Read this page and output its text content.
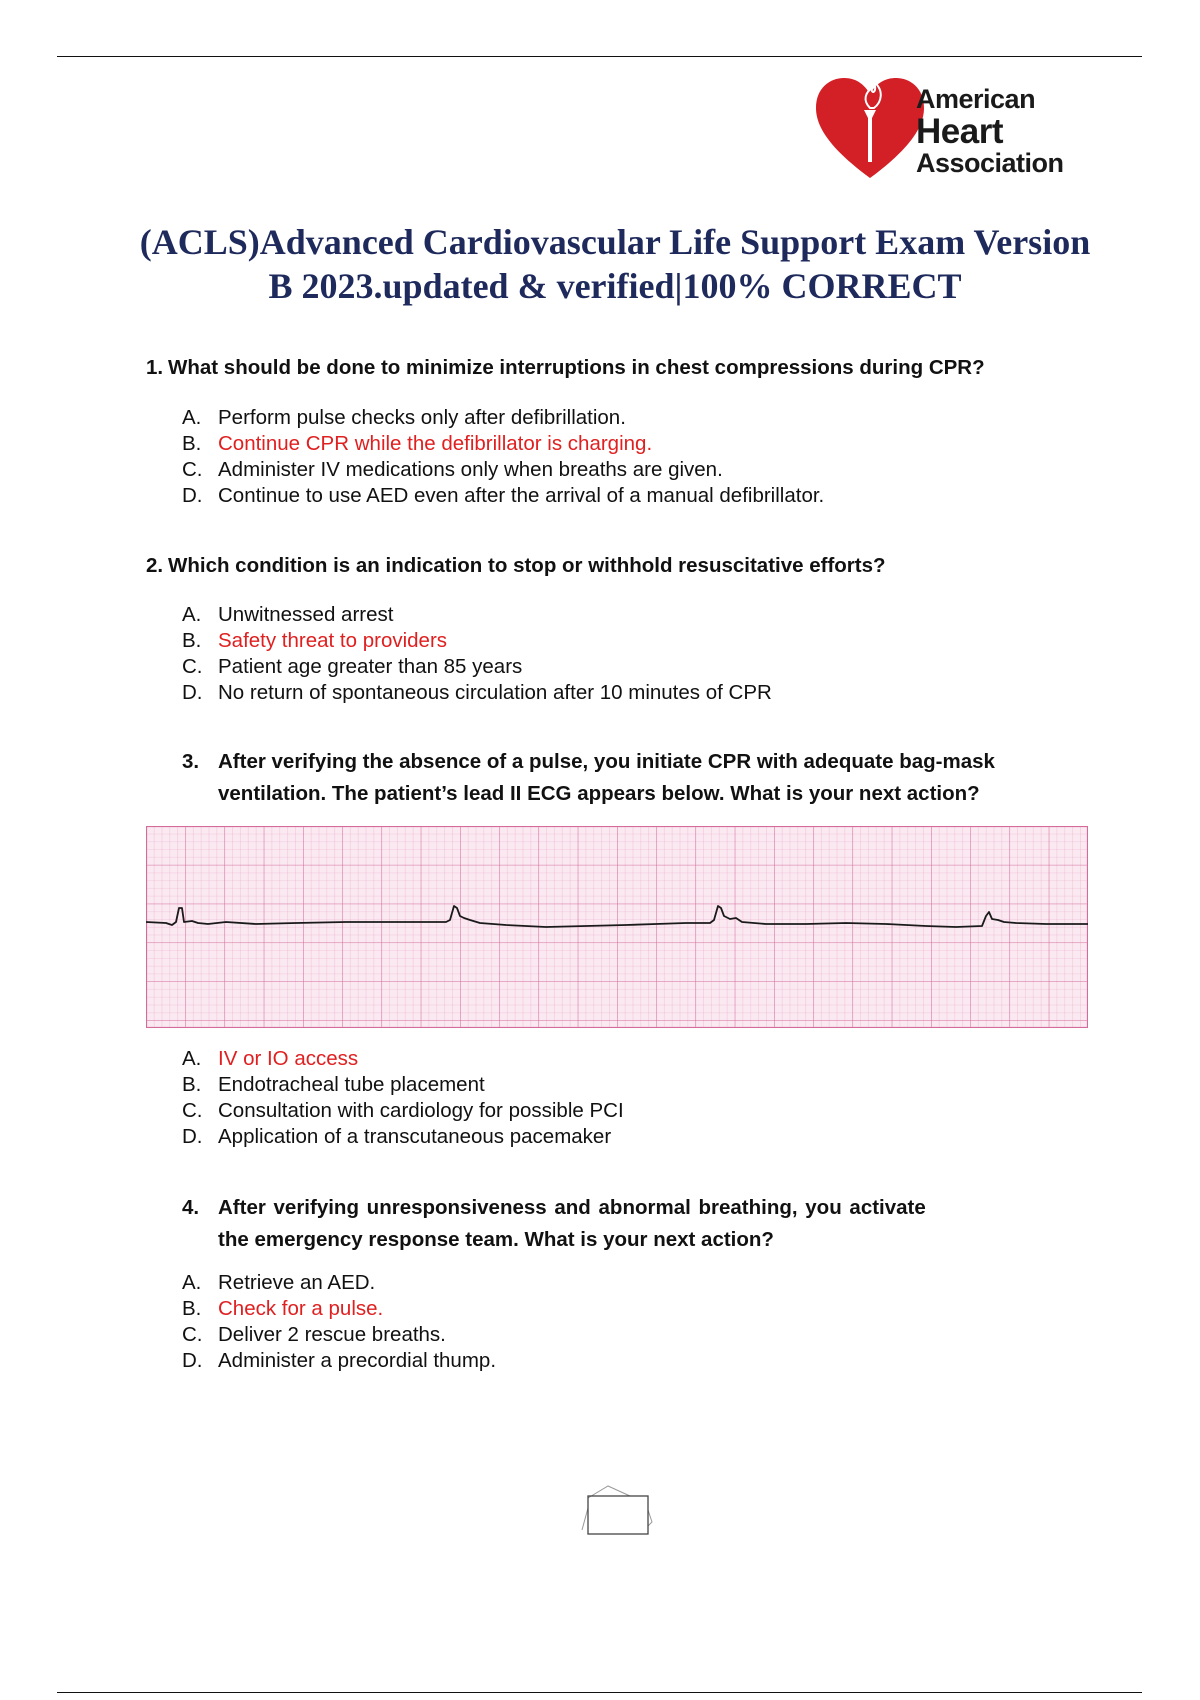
American
Heart
Association
(ACLS)Advanced Cardiovascular Life Support Exam Version
B 2023.updated & verified|100% CORRECT
1. What should be done to minimize interruptions in chest compressions during CPR?
A. Perform pulse checks only after defibrillation.
B. Continue CPR while the defibrillator is charging.
C. Administer IV medications only when breaths are given.
D. Continue to use AED even after the arrival of a manual defibrillator.
2. Which condition is an indication to stop or withhold resuscitative efforts?
A. Unwitnessed arrest
B. Safety threat to providers
C. Patient age greater than 85 years
D. No return of spontaneous circulation after 10 minutes of CPR
3. After verifying the absence of a pulse, you initiate CPR with adequate bag-mask
ventilation. The patient’s lead II ECG appears below. What is your next action?
A. IV or IO access
B. Endotracheal tube placement
C. Consultation with cardiology for possible PCI
D. Application of a transcutaneous pacemaker
4. After verifying unresponsiveness and abnormal breathing, you activate
the emergency response team. What is your next action?
A. Retrieve an AED.
B. Check for a pulse.
C. Deliver 2 rescue breaths.
D. Administer a precordial thump.
